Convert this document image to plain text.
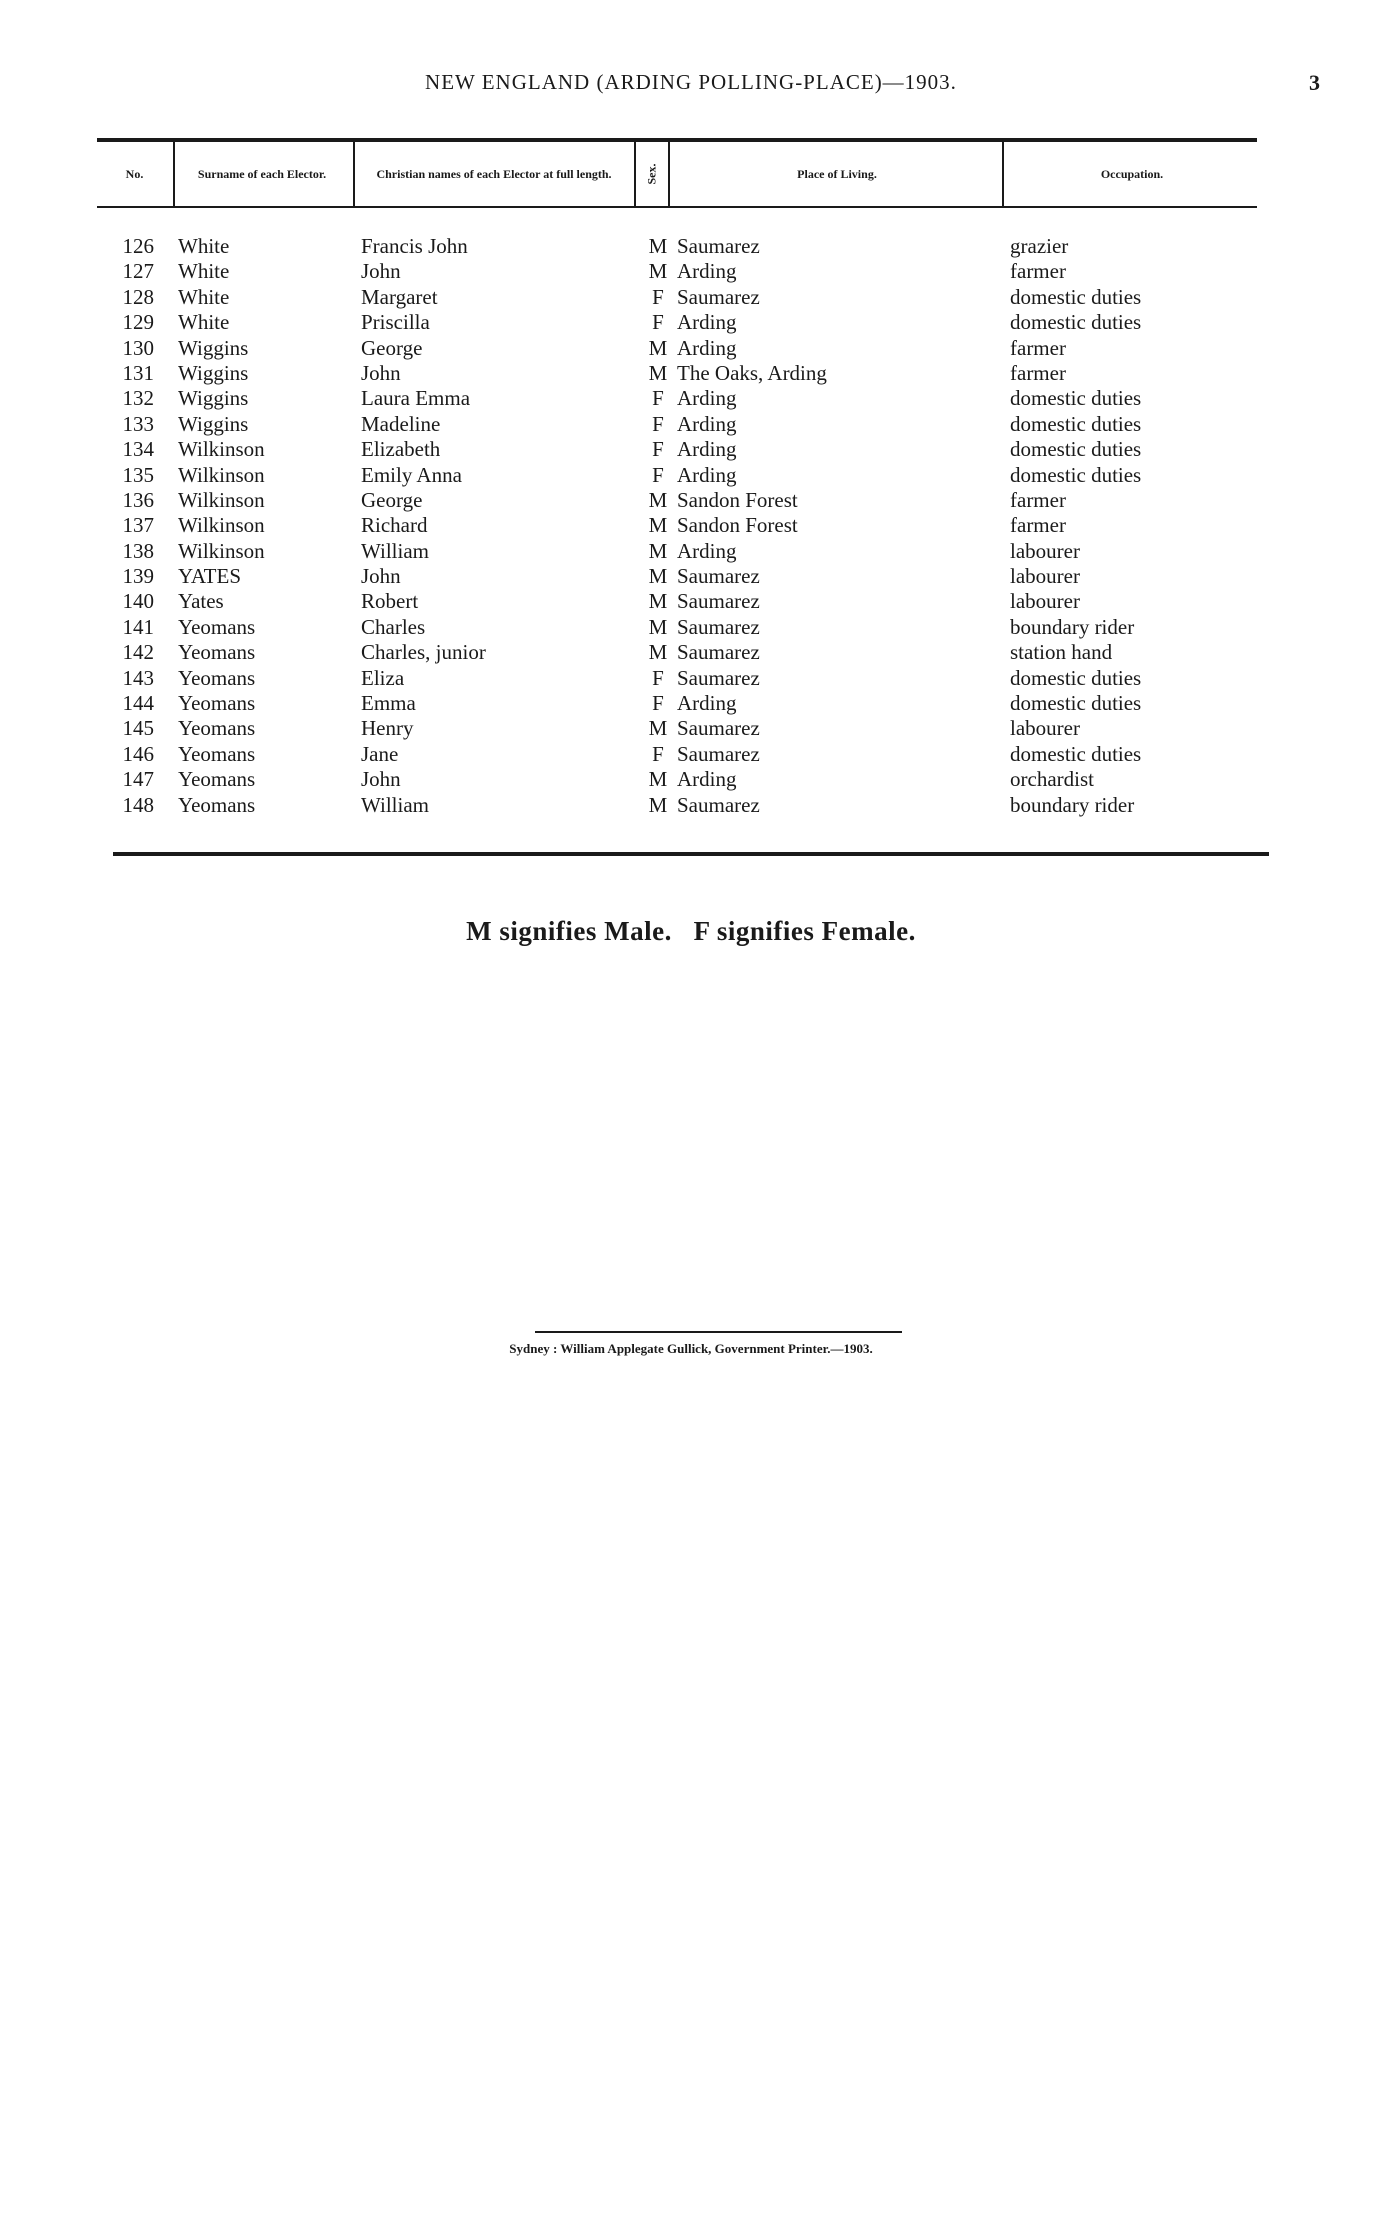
NEW ENGLAND (ARDING POLLING-PLACE)—1903.	3
No.	Surname of each Elector.	Christian names of each Elector at full length.	Sex.	Place of Living.	Occupation.
126 White	Francis John	M Saumarez	grazier
127 White	John	M Arding	farmer
128 White	Margaret	F Saumarez	domestic duties
129 White	Priscilla	F Arding	domestic duties
130 Wiggins	George	M Arding	farmer
131 Wiggins	John	M The Oaks, Arding	farmer
132 Wiggins	Laura Emma	F Arding	domestic duties
133 Wiggins	Madeline	F Arding	domestic duties
134 Wilkinson	Elizabeth	F Arding	domestic duties
135 Wilkinson	Emily Anna	F Arding	domestic duties
136 Wilkinson	George	M Sandon Forest	farmer
137 Wilkinson	Richard	M Sandon Forest	farmer
138 Wilkinson	William	M Arding	labourer
139 YATES	John	M Saumarez	labourer
140 Yates	Robert	M Saumarez	labourer
141 Yeomans	Charles	M Saumarez	boundary rider
142 Yeomans	Charles, junior	M Saumarez	station hand
143 Yeomans	Eliza	F Saumarez	domestic duties
144 Yeomans	Emma	F Arding	domestic duties
145 Yeomans	Henry	M Saumarez	labourer
146 Yeomans	Jane	F Saumarez	domestic duties
147 Yeomans	John	M Arding	orchardist
148 Yeomans	William	M Saumarez	boundary rider
M signifies Male.   F signifies Female.
Sydney : William Applegate Gullick, Government Printer.—1903.
